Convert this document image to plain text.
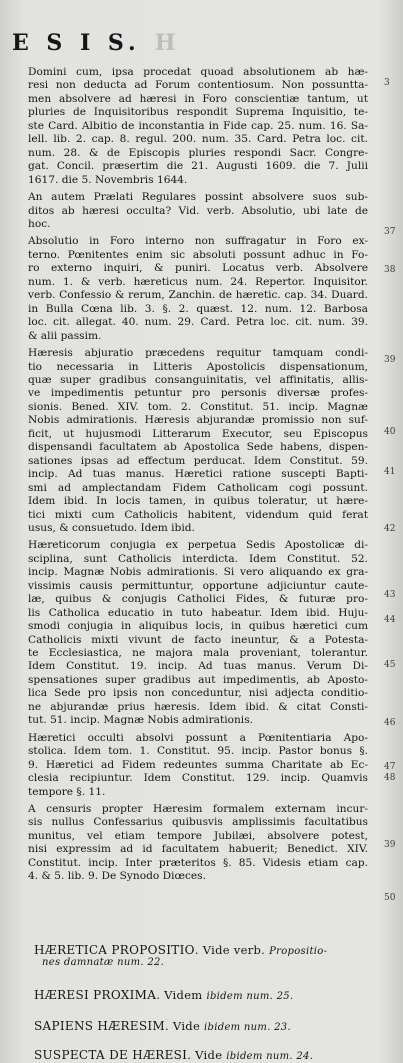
E S I S. H
Domini cum, ipsa procedat quoad absolutionem ab hæ-
resi non deducta ad Forum contentiosum. Non possuntta-
men absolvere ad hæresi in Foro conscientiæ tantum, ut
pluries de Inquisitoribus respondit Suprema Inquisitio, te-
ste Card. Albitio de inconstantia in Fide cap. 25. num. 16. Sa-
lell. lib. 2. cap. 8. regul. 200. num. 35. Card. Petra loc. cit.
num. 28. & de Episcopis pluries respondi Sacr. Congre-
gat. Concil. præsertim die 21. Augusti 1609. die 7. Julii
1617. die 5. Novembris 1644.
An autem Prælati Regulares possint absolvere suos sub-
ditos ab hæresi occulta? Vid. verb. Absolutio, ubi late de
hoc.
Absolutio in Foro interno non suffragatur in Foro ex-
terno. Pœnitentes enim sic absoluti possunt adhuc in Fo-
ro externo inquiri, & puniri. Locatus verb. Absolvere
num. 1. & verb. hæreticus num. 24. Repertor. Inquisitor.
verb. Confessio & rerum, Zanchin. de hæretic. cap. 34. Duard.
in Bulla Cœna lib. 3. §. 2. quæst. 12. num. 12. Barbosa
loc. cit. allegat. 40. num. 29. Card. Petra loc. cit. num. 39.
& alii passim.
Hæresis abjuratio præcedens requitur tamquam condi-
tio necessaria in Litteris Apostolicis dispensationum,
quæ super gradibus consanguinitatis, vel affinitatis, allis-
ve impedimentis petuntur pro personis diversæ profes-
sionis. Bened. XIV. tom. 2. Constitut. 51. incip. Magnæ
Nobis admirationis. Hæresis abjurandæ promissio non suf-
ficit, ut hujusmodi Litterarum Executor, seu Episcopus
dispensandi facultatem ab Apostolica Sede habens, dispen-
sationes ipsas ad effectum perducat. Idem Constitut. 59.
incip. Ad tuas manus. Hæretici ratione suscepti Bapti-
smi ad amplectandam Fidem Catholicam cogi possunt.
Idem ibid. In locis tamen, in quibus toleratur, ut hære-
tici mixti cum Catholicis habitent, videndum quid ferat
usus, & consuetudo. Idem ibid.
Hæreticorum conjugia ex perpetua Sedis Apostolicæ di-
sciplina, sunt Catholicis interdicta. Idem Constitut. 52.
incip. Magnæ Nobis admirationis. Si vero aliquando ex gra-
vissimis causis permittuntur, opportune adjiciuntur caute-
læ, quibus & conjugis Catholici Fides, & futuræ pro-
lis Catholica educatio in tuto habeatur. Idem ibid. Huju-
smodi conjugia in aliquibus locis, in quibus hæretici cum
Catholicis mixti vivunt de facto ineuntur, & a Potesta-
te Ecclesiastica, ne majora mala proveniant, tolerantur.
Idem Constitut. 19. incip. Ad tuas manus. Verum Di-
spensationes super gradibus aut impedimentis, ab Aposto-
lica Sede pro ipsis non conceduntur, nisi adjecta conditio-
ne abjurandæ prius hæresis. Idem ibid. & citat Consti-
tut. 51. incip. Magnæ Nobis admirationis.
Hæretici occulti absolvi possunt a Pœnitentiaria Apo-
stolica. Idem tom. 1. Constitut. 95. incip. Pastor bonus §.
9. Hæretici ad Fidem redeuntes summa Charitate ab Ec-
clesia recipiuntur. Idem Constitut. 129. incip. Quamvis
tempore §. 11.
A censuris propter Hæresim formalem externam incur-
sis nullus Confessarius quibusvis amplissimis facultatibus
munitus, vel etiam tempore Jubilæi, absolvere potest,
nisi expressim ad id facultatem habuerit; Benedict. XIV.
Constitut. incip. Inter præteritos §. 85. Videsis etiam cap.
4. & 5. lib. 9. De Synodo Diœces.
3
37
38
39
40
41
42
43
44
45
46
47
48
39
50
HÆRETICA PROPOSITIO. Vide verb. Propositio-
nes damnatæ num. 22.
HÆRESI PROXIMA. Videm ibidem num. 25.
SAPIENS HÆRESIM. Vide ibidem num. 23.
SUSPECTA DE HÆRESI. Vide ibidem num. 24.
